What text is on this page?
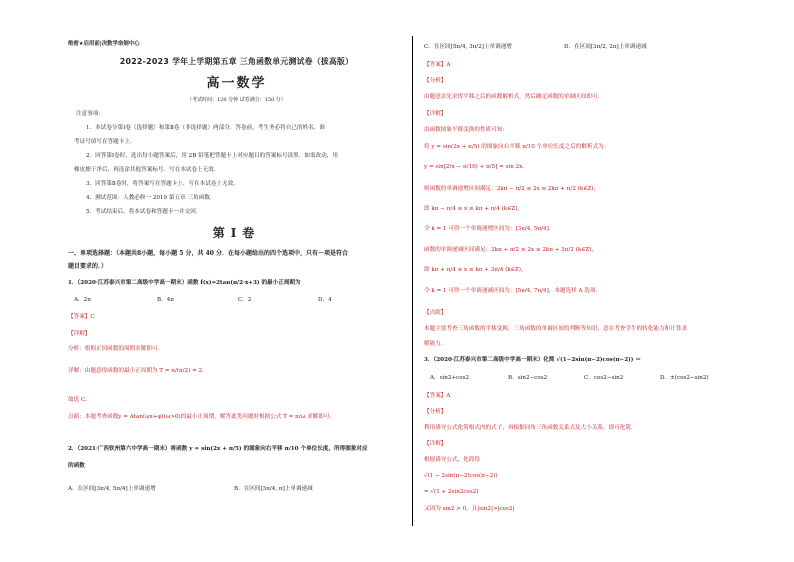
绝密★启用前|决数学命制中心
2022-2023 学年上学期第五章 三角函数单元测试卷（拔高版）
高一数学
（考试时间：120 分钟 试卷满分：150 分）
注意事项：
1．本试卷分第Ⅰ卷（选择题）和第Ⅱ卷（非选择题）两部分．答卷前，考生务必将自己的姓名、准
考证号填写在答题卡上．
2．回答第Ⅰ卷时，选出每小题答案后，用 2B 铅笔把答题卡上对应题目的答案标号涂黑．如需改动，用
橡皮擦干净后，再选涂其他答案标号．写在本试卷上无效．
3．回答第Ⅱ卷时，将答案写在答题卡上．写在本试卷上无效．
4．测试范围：人教必修一 2019 第五章 三角函数．
5．考试结束后，将本试卷和答题卡一并交回．
第Ⅰ卷
一、单项选择题：（本题共8小题，每小题 5 分，共 40 分．在每小题给出的四个选项中，只有一项是符合
题目要求的．）
1．（2020·江苏泰兴市第二高级中学高一期末）函数 f(x)=2tan(π/2·x+3) 的最小正周期为
A．2π	B．4π	C．2	D．4
【答案】C
【详解】
分析：根据正切函数的周期求解即可．
详解：由题意得函数的最小正周期为 T = π/(π/2) = 2．
故选 C．
点睛：本题考查函数y = Atan(ωx+φ)(ω>0)的最小正周期，解答此类问题时根据公式 T = π/ω 求解即可．
2．（2021·广西钦州第六中学高一期末）将函数 y = sin(2x + π/5) 的图象向右平移 π/10 个单位长度，所得图象对应
的函数
A．在区间[3π/4, 5π/4]上单调递增	B．在区间[3π/4, π]上单调递减
C．在区间[5π/4, 3π/2]上单调递增	D．在区间[3π/2, 2π]上单调递减
【答案】A
【分析】
由题意首先求得平移之后的函数解析式，然后确定函数的单调区间即可．
【详解】
由函数图象平移变换的性质可知：
将 y = sin(2x + π/5) 的图象向右平移 π/10 个单位长度之后的解析式为：
y = sin[2(x − π/10) + π/5] = sin 2x．
则函数的单调递增区间满足：2kπ − π/2 ≤ 2x ≤ 2kπ + π/2 (k∈Z)，
即 kπ − π/4 ≤ x ≤ kπ + π/4 (k∈Z)，
令 k = 1 可得一个单调递增区间为：[3π/4, 5π/4]．
函数的单调递减区间满足：2kπ + π/2 ≤ 2x ≤ 2kπ + 3π/2 (k∈Z)，
即 kπ + π/4 ≤ x ≤ kπ + 3π/4 (k∈Z)，
令 k = 1 可得一个单调递减区间为：[5π/4, 7π/4]，本题选择 A 选项．
【点睛】
本题主要考查三角函数的平移变换，三角函数的单调区间的判断等知识，意在考查学生的转化能力和计算求
解能力．
3．（2020·江苏泰兴市第二高级中学高一期末）化简 √(1−2sin(π−2)cos(π−2)) ＝
A．sin2+cos2	B．sin2−cos2	C．cos2−sin2	D．±(cos2−sin2)
【答案】A
【分析】
利用诱导公式化简根式内的式子，再根据同角三角函数关系式及大小关系，即可化简．
【详解】
根据诱导公式，化简得
√(1 − 2sin(π−2)cos(π−2))
= √(1 + 2sin2cos2)
又因为 sin2 > 0，且|sin2|>|cos2|
